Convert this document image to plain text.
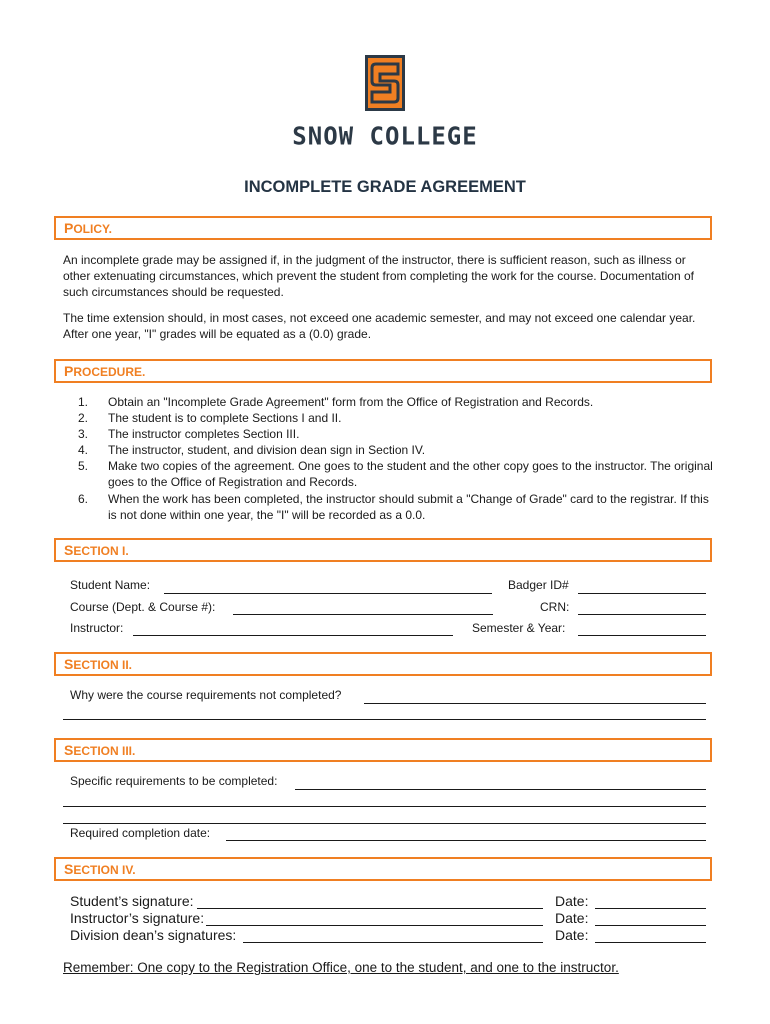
SNOW COLLEGE
INCOMPLETE GRADE AGREEMENT
POLICY.
An incomplete grade may be assigned if, in the judgment of the instructor, there is sufficient reason, such as illness or other extenuating circumstances, which prevent the student from completing the work for the course. Documentation of such circumstances should be requested.
The time extension should, in most cases, not exceed one academic semester, and may not exceed one calendar year. After one year, "I" grades will be equated as a (0.0) grade.
PROCEDURE.
1.	Obtain an "Incomplete Grade Agreement" form from the Office of Registration and Records.
2.	The student is to complete Sections I and II.
3.	The instructor completes Section III.
4.	The instructor, student, and division dean sign in Section IV.
5.	Make two copies of the agreement. One goes to the student and the other copy goes to the instructor. The original goes to the Office of Registration and Records.
6.	When the work has been completed, the instructor should submit a "Change of Grade" card to the registrar. If this is not done within one year, the "I" will be recorded as a 0.0.
SECTION I.
Student Name:	Badger ID#
Course (Dept. & Course #):	CRN:
Instructor:	Semester & Year:
SECTION II.
Why were the course requirements not completed?
SECTION III.
Specific requirements to be completed:
Required completion date:
SECTION IV.
Student’s signature:	Date:
Instructor’s signature:	Date:
Division dean’s signatures:	Date:
Remember: One copy to the Registration Office, one to the student, and one to the instructor.
